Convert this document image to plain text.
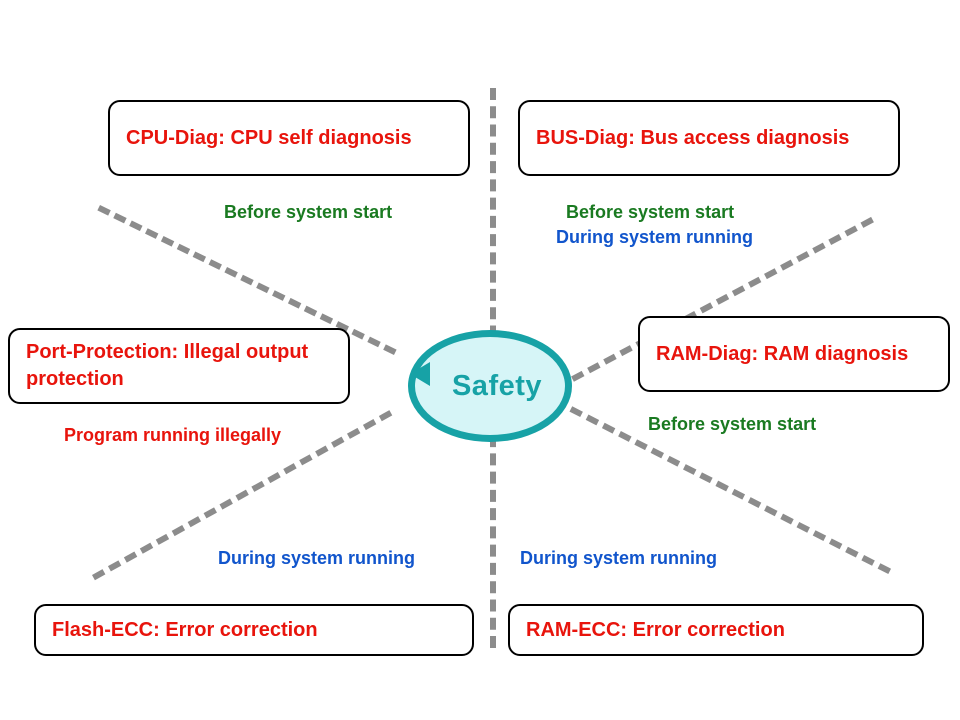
Safety
CPU-Diag: CPU self diagnosis	BUS-Diag: Bus access diagnosis
Port-Protection: Illegal output protection
RAM-Diag: RAM diagnosis
Flash-ECC: Error correction	RAM-ECC: Error correction
Before system start	Before system start
During system running
Before system start
Program running illegally
During system running	During system running
